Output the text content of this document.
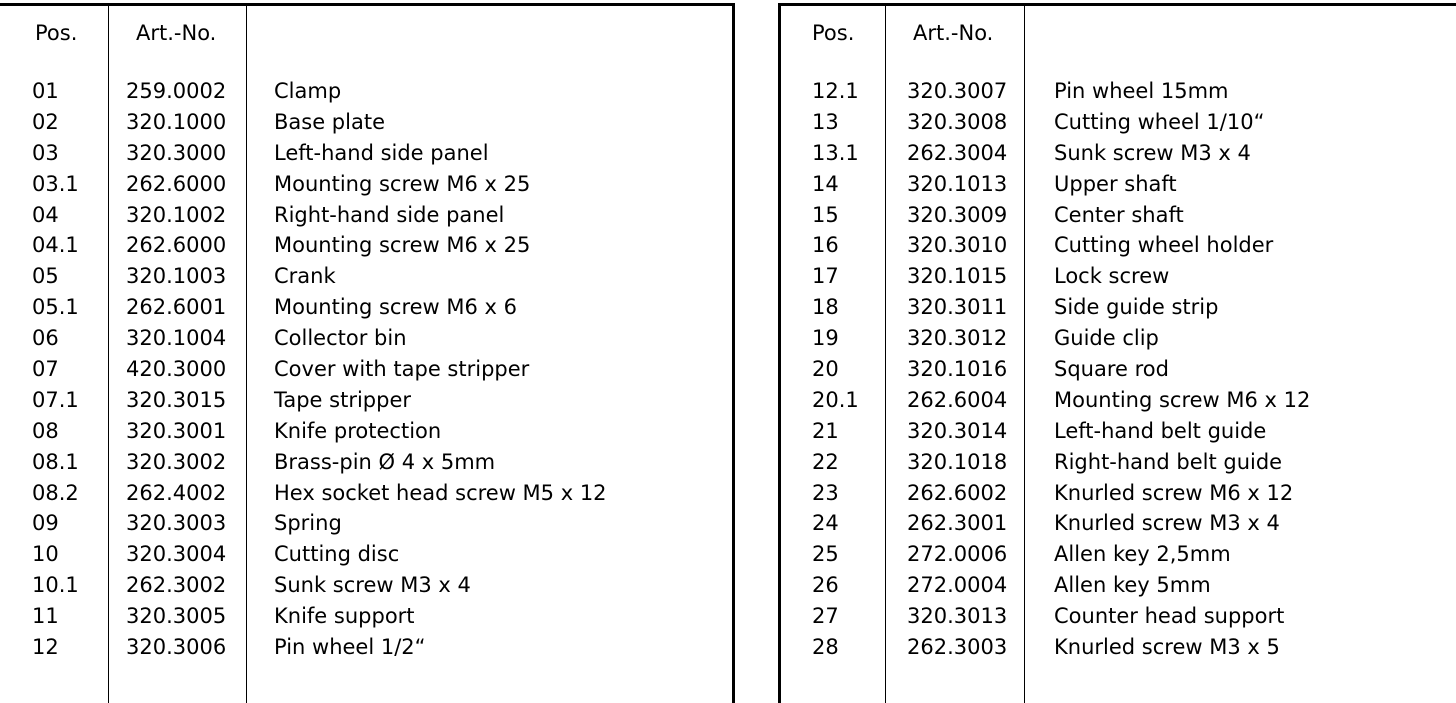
Pos.	Art.-No.
01	259.0002 Clamp
02	320.1000 Base plate
03	320.3000 Left-hand side panel
03.1 262.6000 Mounting screw M6 x 25
04	320.1002 Right-hand side panel
04.1 262.6000 Mounting screw M6 x 25
05	320.1003 Crank
05.1 262.6001 Mounting screw M6 x 6
06	320.1004 Collector bin
07	420.3000 Cover with tape stripper
07.1 320.3015 Tape stripper
08	320.3001 Knife protection
08.1 320.3002 Brass-pin Ø 4 x 5mm
08.2 262.4002 Hex socket head screw M5 x 12
09	320.3003 Spring
10	320.3004 Cutting disc
10.1 262.3002 Sunk screw M3 x 4
11	320.3005 Knife support
12	320.3006 Pin wheel 1/2“
Pos.	Art.-No.
12.1 320.3007 Pin wheel 15mm
13	320.3008 Cutting wheel 1/10“
13.1 262.3004 Sunk screw M3 x 4
14	320.1013 Upper shaft
15	320.3009 Center shaft
16	320.3010 Cutting wheel holder
17	320.1015 Lock screw
18	320.3011 Side guide strip
19	320.3012 Guide clip
20	320.1016 Square rod
20.1 262.6004 Mounting screw M6 x 12
21	320.3014 Left-hand belt guide
22	320.1018 Right-hand belt guide
23	262.6002 Knurled screw M6 x 12
24	262.3001 Knurled screw M3 x 4
25	272.0006 Allen key 2,5mm
26	272.0004 Allen key 5mm
27	320.3013 Counter head support
28	262.3003 Knurled screw M3 x 5
